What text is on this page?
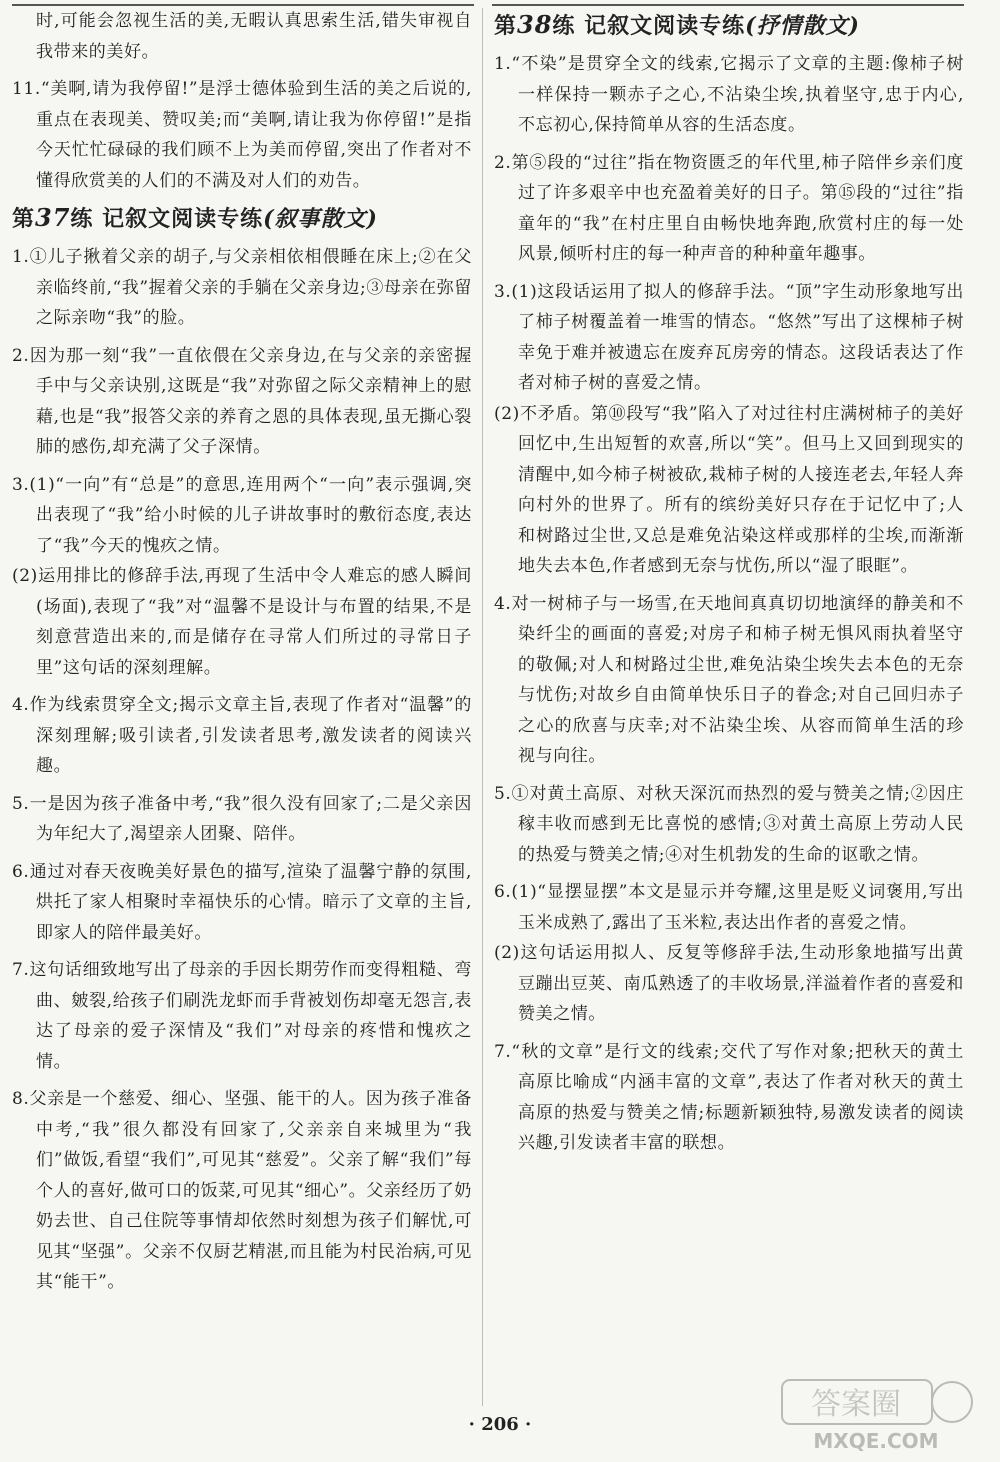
时,可能会忽视生活的美,无暇认真思索生活,错失审视自我带来的美好。

11.“美啊,请为我停留!”是浮士德体验到生活的美之后说的,重点在表现美、赞叹美;而“美啊,请让我为你停留!”是指今天忙忙碌碌的我们顾不上为美而停留,突出了作者对不懂得欣赏美的人们的不满及对人们的劝告。

第37练 记叙文阅读专练(叙事散文)

1.①儿子揪着父亲的胡子,与父亲相依相偎睡在床上;②在父亲临终前,“我”握着父亲的手躺在父亲身边;③母亲在弥留之际亲吻“我”的脸。

2.因为那一刻“我”一直依偎在父亲身边,在与父亲的亲密握手中与父亲诀别,这既是“我”对弥留之际父亲精神上的慰藉,也是“我”报答父亲的养育之恩的具体表现,虽无撕心裂肺的感伤,却充满了父子深情。

3.(1)“一向”有“总是”的意思,连用两个“一向”表示强调,突出表现了“我”给小时候的儿子讲故事时的敷衍态度,表达了“我”今天的愧疚之情。

(2)运用排比的修辞手法,再现了生活中令人难忘的感人瞬间(场面),表现了“我”对“温馨不是设计与布置的结果,不是刻意营造出来的,而是储存在寻常人们所过的寻常日子里”这句话的深刻理解。

4.作为线索贯穿全文;揭示文章主旨,表现了作者对“温馨”的深刻理解;吸引读者,引发读者思考,激发读者的阅读兴趣。

5.一是因为孩子准备中考,“我”很久没有回家了;二是父亲因为年纪大了,渴望亲人团聚、陪伴。

6.通过对春天夜晚美好景色的描写,渲染了温馨宁静的氛围,烘托了家人相聚时幸福快乐的心情。暗示了文章的主旨,即家人的陪伴最美好。

7.这句话细致地写出了母亲的手因长期劳作而变得粗糙、弯曲、皴裂,给孩子们刷洗龙虾而手背被划伤却毫无怨言,表达了母亲的爱子深情及“我们”对母亲的疼惜和愧疚之情。

8.父亲是一个慈爱、细心、坚强、能干的人。因为孩子准备中考,“我”很久都没有回家了,父亲亲自来城里为“我们”做饭,看望“我们”,可见其“慈爱”。父亲了解“我们”每个人的喜好,做可口的饭菜,可见其“细心”。父亲经历了奶奶去世、自己住院等事情却依然时刻想为孩子们解忧,可见其“坚强”。父亲不仅厨艺精湛,而且能为村民治病,可见其“能干”。

第38练 记叙文阅读专练(抒情散文)

1.“不染”是贯穿全文的线索,它揭示了文章的主题:像柿子树一样保持一颗赤子之心,不沾染尘埃,执着坚守,忠于内心,不忘初心,保持简单从容的生活态度。

2.第⑤段的“过往”指在物资匮乏的年代里,柿子陪伴乡亲们度过了许多艰辛中也充盈着美好的日子。第⑮段的“过往”指童年的“我”在村庄里自由畅快地奔跑,欣赏村庄的每一处风景,倾听村庄的每一种声音的种种童年趣事。

3.(1)这段话运用了拟人的修辞手法。“顶”字生动形象地写出了柿子树覆盖着一堆雪的情态。“悠然”写出了这棵柿子树幸免于难并被遗忘在废弃瓦房旁的情态。这段话表达了作者对柿子树的喜爱之情。

(2)不矛盾。第⑩段写“我”陷入了对过往村庄满树柿子的美好回忆中,生出短暂的欢喜,所以“笑”。但马上又回到现实的清醒中,如今柿子树被砍,栽柿子树的人接连老去,年轻人奔向村外的世界了。所有的缤纷美好只存在于记忆中了;人和树路过尘世,又总是难免沾染这样或那样的尘埃,而渐渐地失去本色,作者感到无奈与忧伤,所以“湿了眼眶”。

4.对一树柿子与一场雪,在天地间真真切切地演绎的静美和不染纤尘的画面的喜爱;对房子和柿子树无惧风雨执着坚守的敬佩;对人和树路过尘世,难免沾染尘埃失去本色的无奈与忧伤;对故乡自由简单快乐日子的眷念;对自己回归赤子之心的欣喜与庆幸;对不沾染尘埃、从容而简单生活的珍视与向往。

5.①对黄土高原、对秋天深沉而热烈的爱与赞美之情;②因庄稼丰收而感到无比喜悦的感情;③对黄土高原上劳动人民的热爱与赞美之情;④对生机勃发的生命的讴歌之情。

6.(1)“显摆显摆”本文是显示并夸耀,这里是贬义词褒用,写出玉米成熟了,露出了玉米粒,表达出作者的喜爱之情。

(2)这句话运用拟人、反复等修辞手法,生动形象地描写出黄豆蹦出豆荚、南瓜熟透了的丰收场景,洋溢着作者的喜爱和赞美之情。

7.“秋的文章”是行文的线索;交代了写作对象;把秋天的黄土高原比喻成“内涵丰富的文章”,表达了作者对秋天的黄土高原的热爱与赞美之情;标题新颖独特,易激发读者的阅读兴趣,引发读者丰富的联想。

· 206 ·
答案圈
MXQE.COM
